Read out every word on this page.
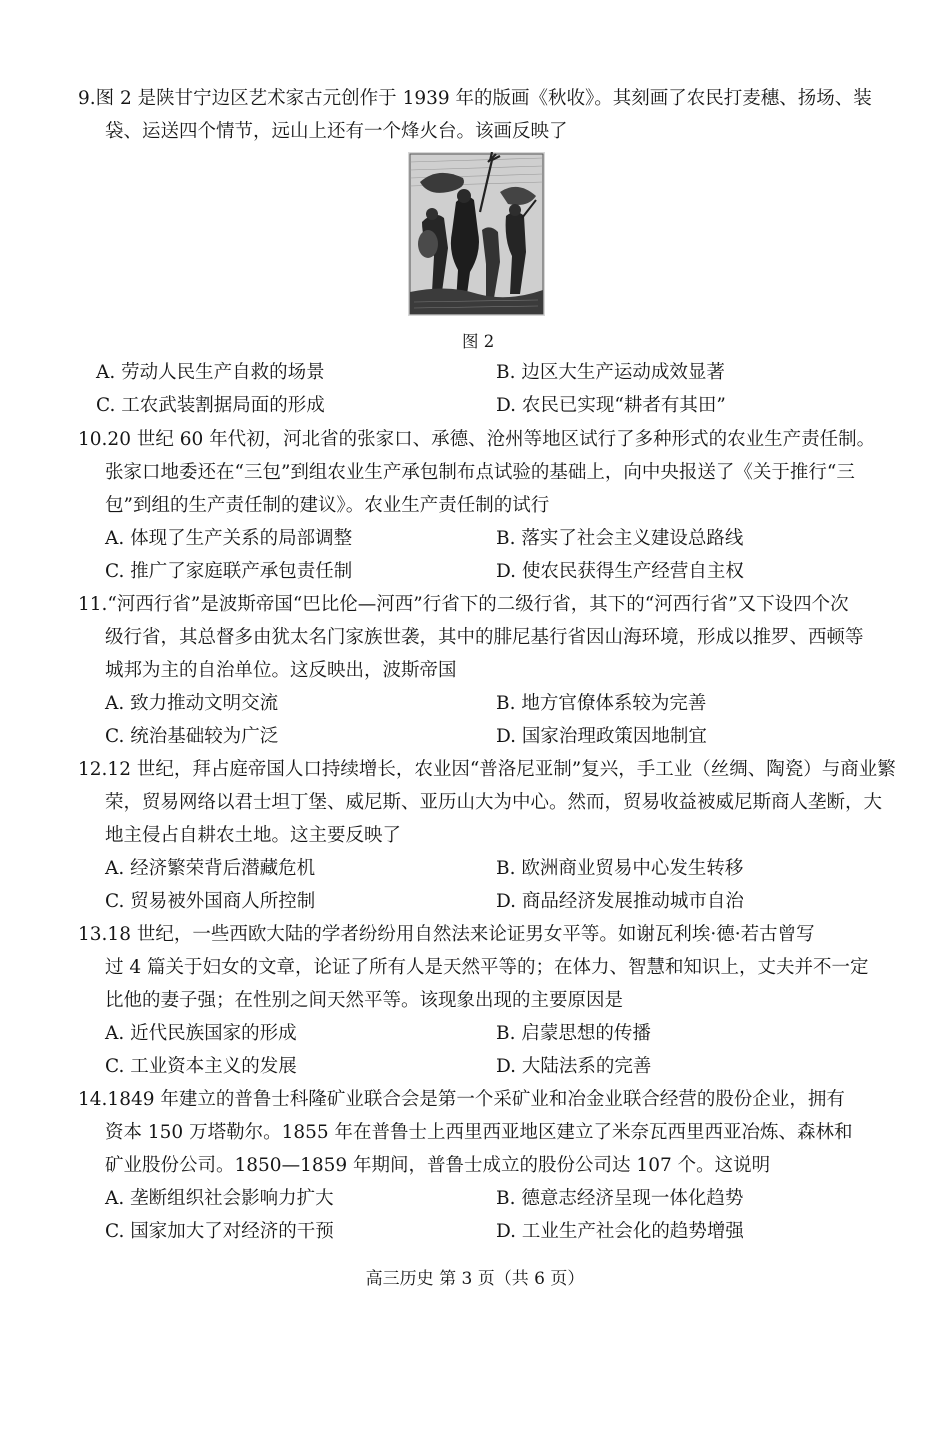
9.图 2 是陕甘宁边区艺术家古元创作于 1939 年的版画《秋收》。其刻画了农民打麦穗、扬场、装
袋、运送四个情节，远山上还有一个烽火台。该画反映了
图 2
A. 劳动人民生产自救的场景	B. 边区大生产运动成效显著
C. 工农武装割据局面的形成	D. 农民已实现“耕者有其田”
10.20 世纪 60 年代初，河北省的张家口、承德、沧州等地区试行了多种形式的农业生产责任制。
张家口地委还在“三包”到组农业生产承包制布点试验的基础上，向中央报送了《关于推行“三
包”到组的生产责任制的建议》。农业生产责任制的试行
A. 体现了生产关系的局部调整	B. 落实了社会主义建设总路线
C. 推广了家庭联产承包责任制	D. 使农民获得生产经营自主权
11.“河西行省”是波斯帝国“巴比伦—河西”行省下的二级行省，其下的“河西行省”又下设四个次
级行省，其总督多由犹太名门家族世袭，其中的腓尼基行省因山海环境，形成以推罗、西顿等
城邦为主的自治单位。这反映出，波斯帝国
A. 致力推动文明交流	B. 地方官僚体系较为完善
C. 统治基础较为广泛	D. 国家治理政策因地制宜
12.12 世纪，拜占庭帝国人口持续增长，农业因“普洛尼亚制”复兴，手工业（丝绸、陶瓷）与商业繁
荣，贸易网络以君士坦丁堡、威尼斯、亚历山大为中心。然而，贸易收益被威尼斯商人垄断，大
地主侵占自耕农土地。这主要反映了
A. 经济繁荣背后潜藏危机	B. 欧洲商业贸易中心发生转移
C. 贸易被外国商人所控制	D. 商品经济发展推动城市自治
13.18 世纪，一些西欧大陆的学者纷纷用自然法来论证男女平等。如谢瓦利埃·德·若古曾写
过 4 篇关于妇女的文章，论证了所有人是天然平等的；在体力、智慧和知识上，丈夫并不一定
比他的妻子强；在性别之间天然平等。该现象出现的主要原因是
A. 近代民族国家的形成	B. 启蒙思想的传播
C. 工业资本主义的发展	D. 大陆法系的完善
14.1849 年建立的普鲁士科隆矿业联合会是第一个采矿业和冶金业联合经营的股份企业，拥有
资本 150 万塔勒尔。1855 年在普鲁士上西里西亚地区建立了米奈瓦西里西亚冶炼、森林和
矿业股份公司。1850—1859 年期间，普鲁士成立的股份公司达 107 个。这说明
A. 垄断组织社会影响力扩大	B. 德意志经济呈现一体化趋势
C. 国家加大了对经济的干预	D. 工业生产社会化的趋势增强
高三历史 第 3 页（共 6 页）
